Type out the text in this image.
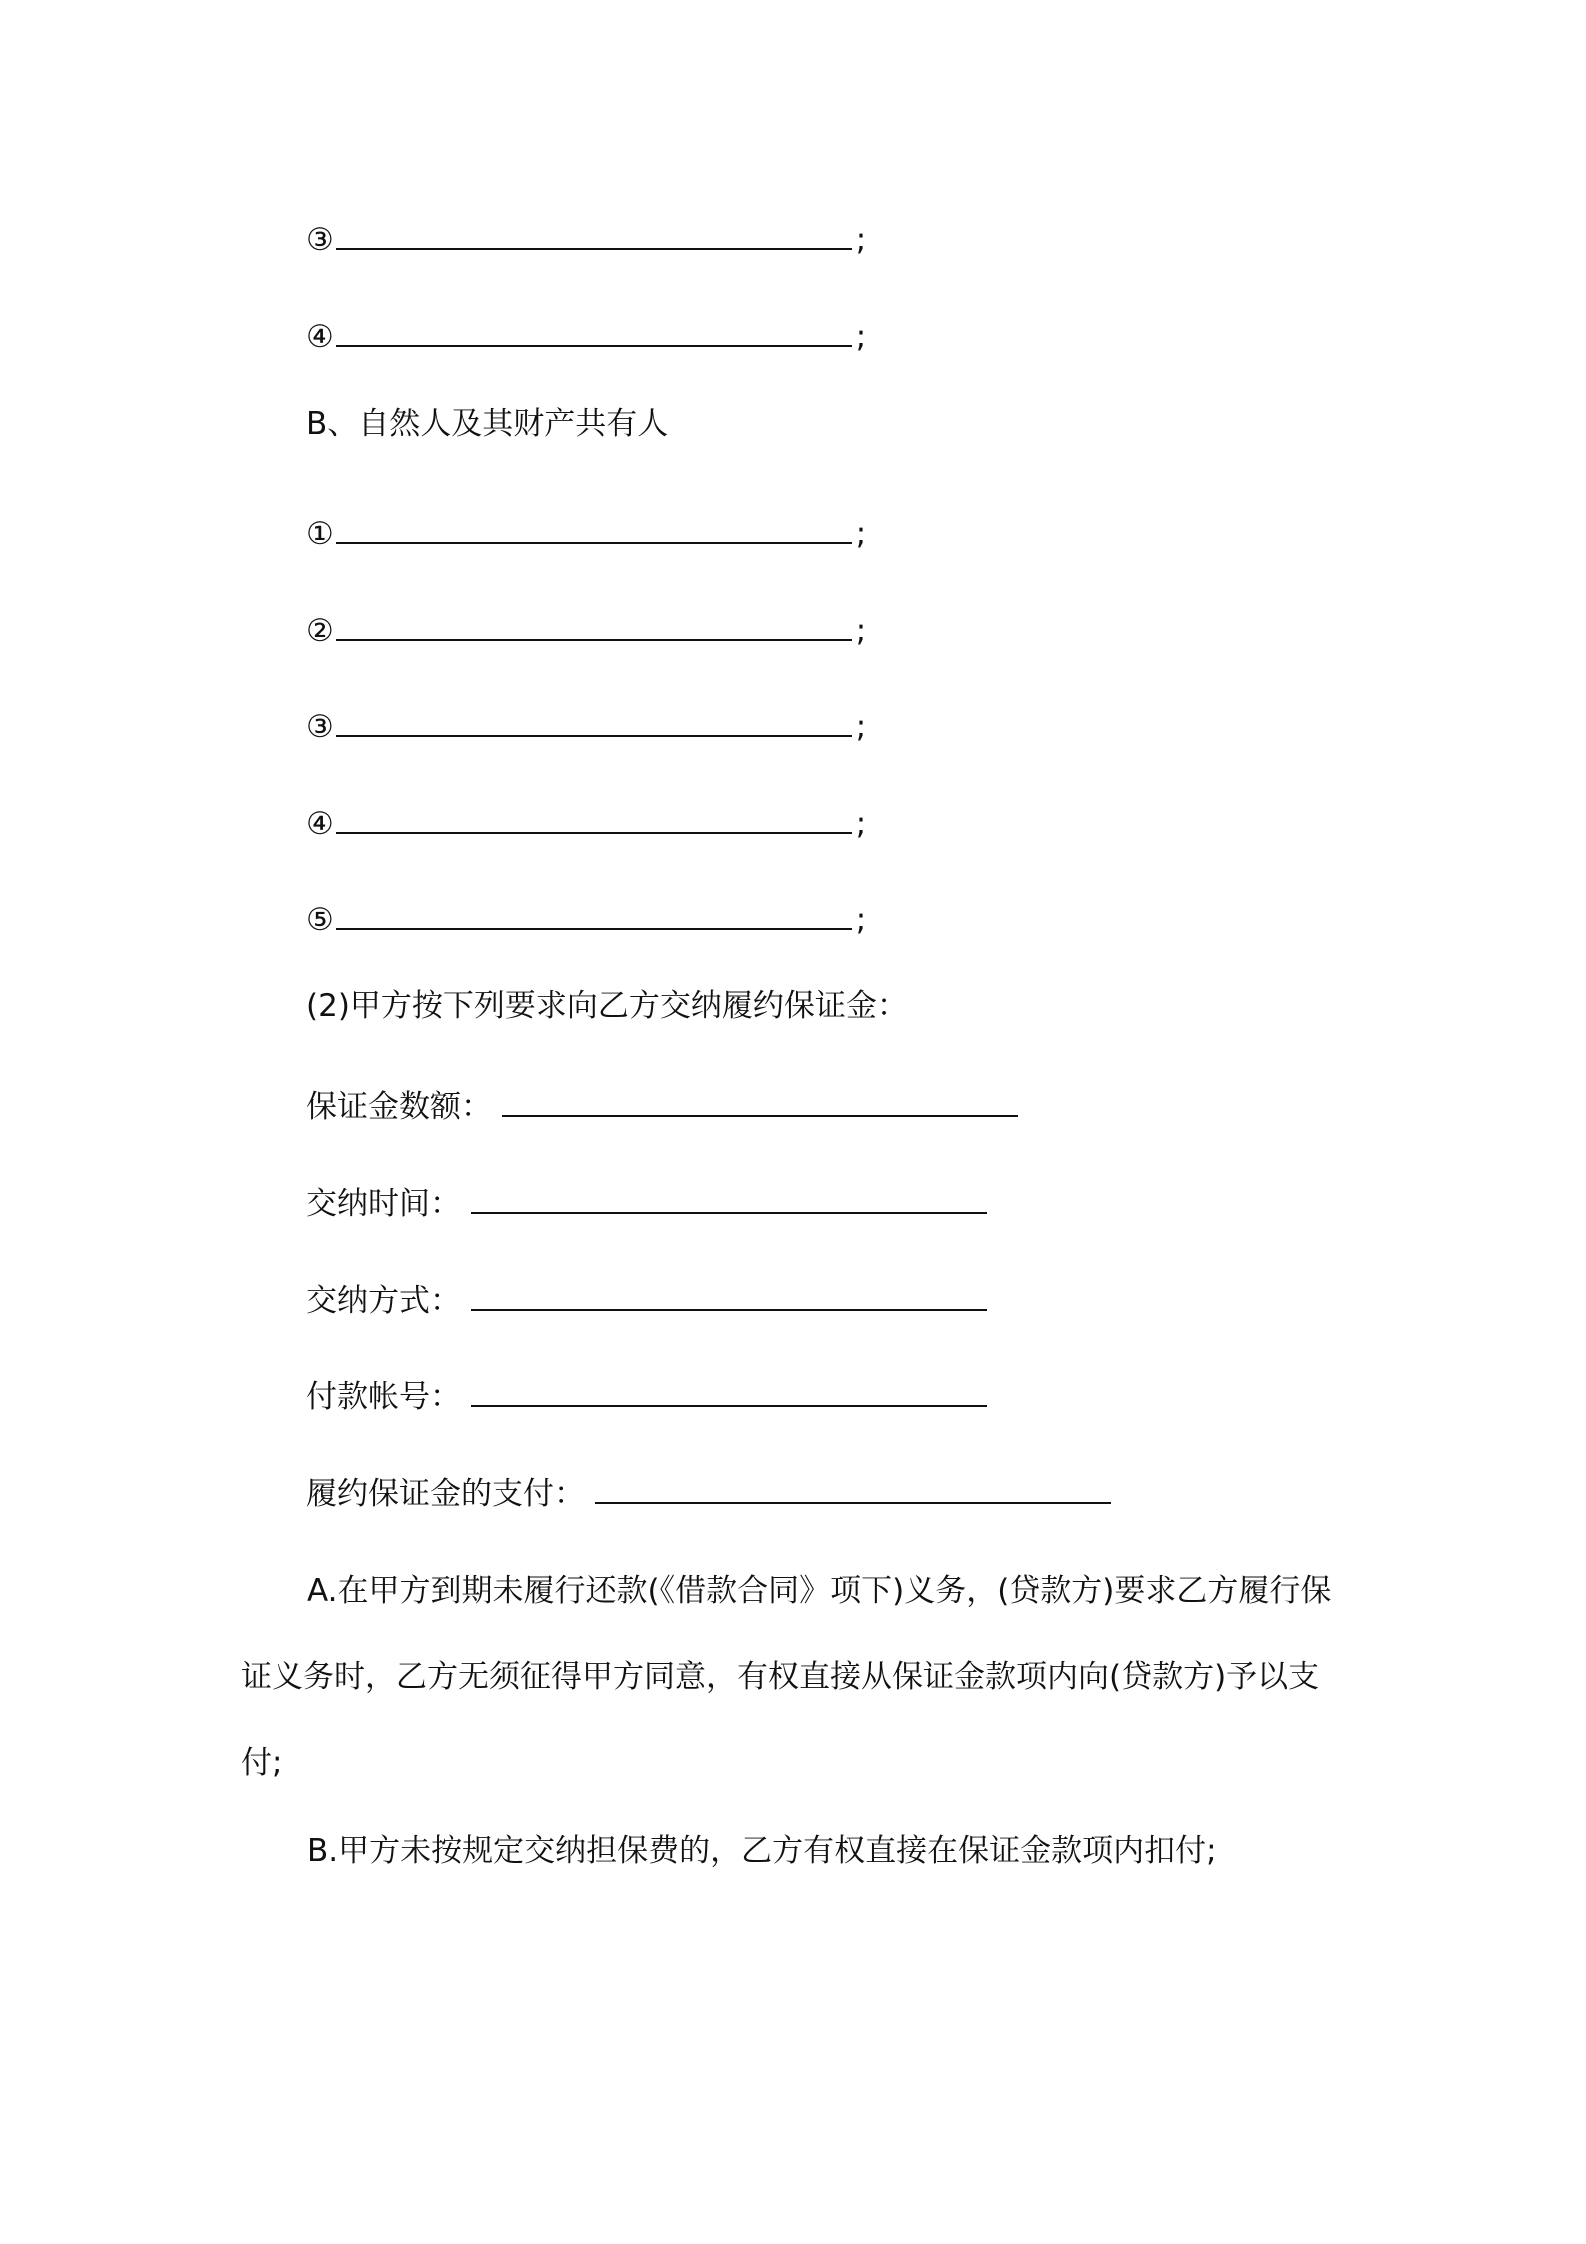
③	;
④	;
B、自然人及其财产共有人
①	;
②	;
③	;
④	;
⑤	;
(2)甲方按下列要求向乙方交纳履约保证金：
保证金数额：
交纳时间：
交纳方式：
付款帐号：
履约保证金的支付：
A.在甲方到期未履行还款(《借款合同》项下)义务，(贷款方)要求乙方履行保证义务时，乙方无须征得甲方同意，有权直接从保证金款项内向(贷款方)予以支付;
B.甲方未按规定交纳担保费的，乙方有权直接在保证金款项内扣付;
